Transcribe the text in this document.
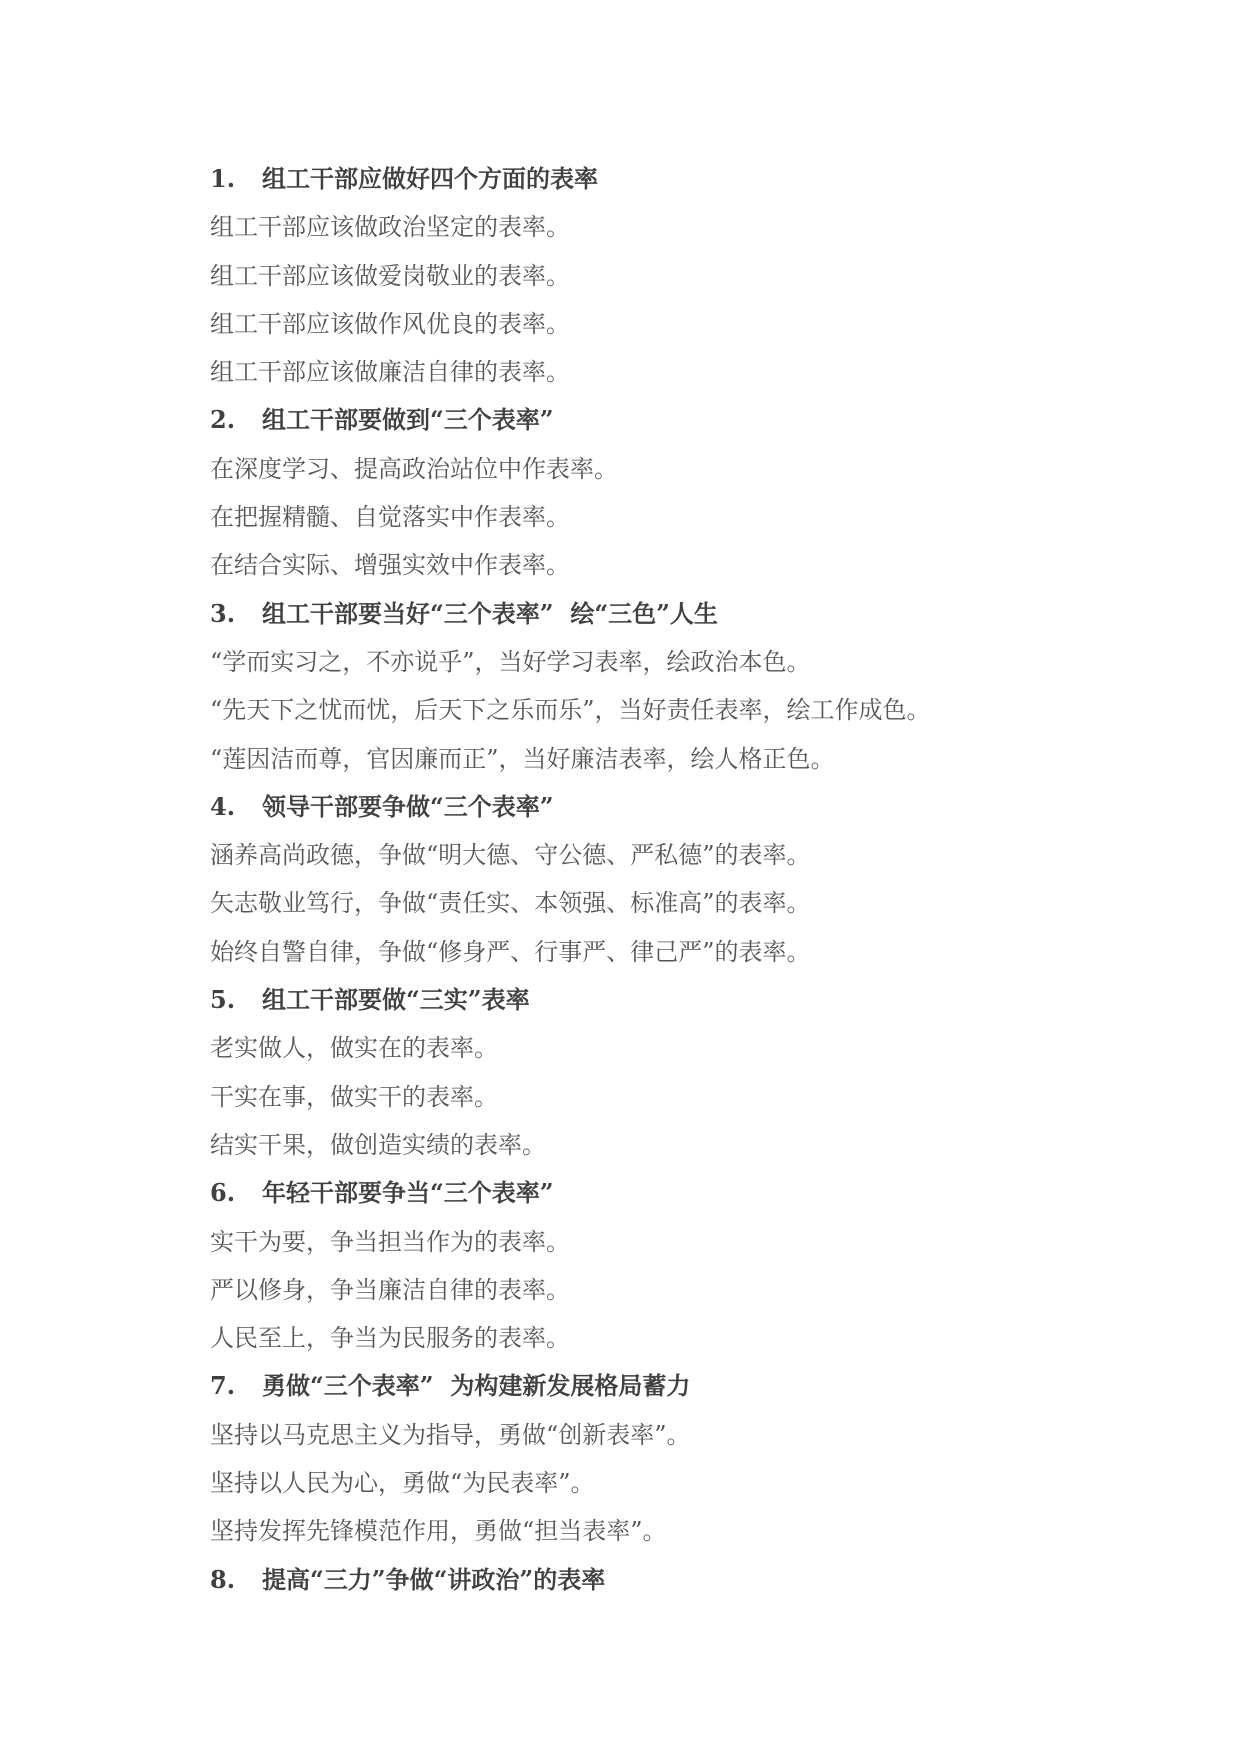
1. 组工干部应做好四个方面的表率
组工干部应该做政治坚定的表率。
组工干部应该做爱岗敬业的表率。
组工干部应该做作风优良的表率。
组工干部应该做廉洁自律的表率。
2. 组工干部要做到“三个表率”
在深度学习、提高政治站位中作表率。
在把握精髓、自觉落实中作表率。
在结合实际、增强实效中作表率。
3. 组工干部要当好“三个表率”  绘“三色”人生
“学而实习之，不亦说乎”，当好学习表率，绘政治本色。
“先天下之忧而忧，后天下之乐而乐”，当好责任表率，绘工作成色。
“莲因洁而尊，官因廉而正”，当好廉洁表率，绘人格正色。
4. 领导干部要争做“三个表率”
涵养高尚政德，争做“明大德、守公德、严私德”的表率。
矢志敬业笃行，争做“责任实、本领强、标准高”的表率。
始终自警自律，争做“修身严、行事严、律己严”的表率。
5. 组工干部要做“三实”表率
老实做人，做实在的表率。
干实在事，做实干的表率。
结实干果，做创造实绩的表率。
6. 年轻干部要争当“三个表率”
实干为要，争当担当作为的表率。
严以修身，争当廉洁自律的表率。
人民至上，争当为民服务的表率。
7. 勇做“三个表率”  为构建新发展格局蓄力
坚持以马克思主义为指导，勇做“创新表率”。
坚持以人民为心，勇做“为民表率”。
坚持发挥先锋模范作用，勇做“担当表率”。
8. 提高“三力”争做“讲政治”的表率
